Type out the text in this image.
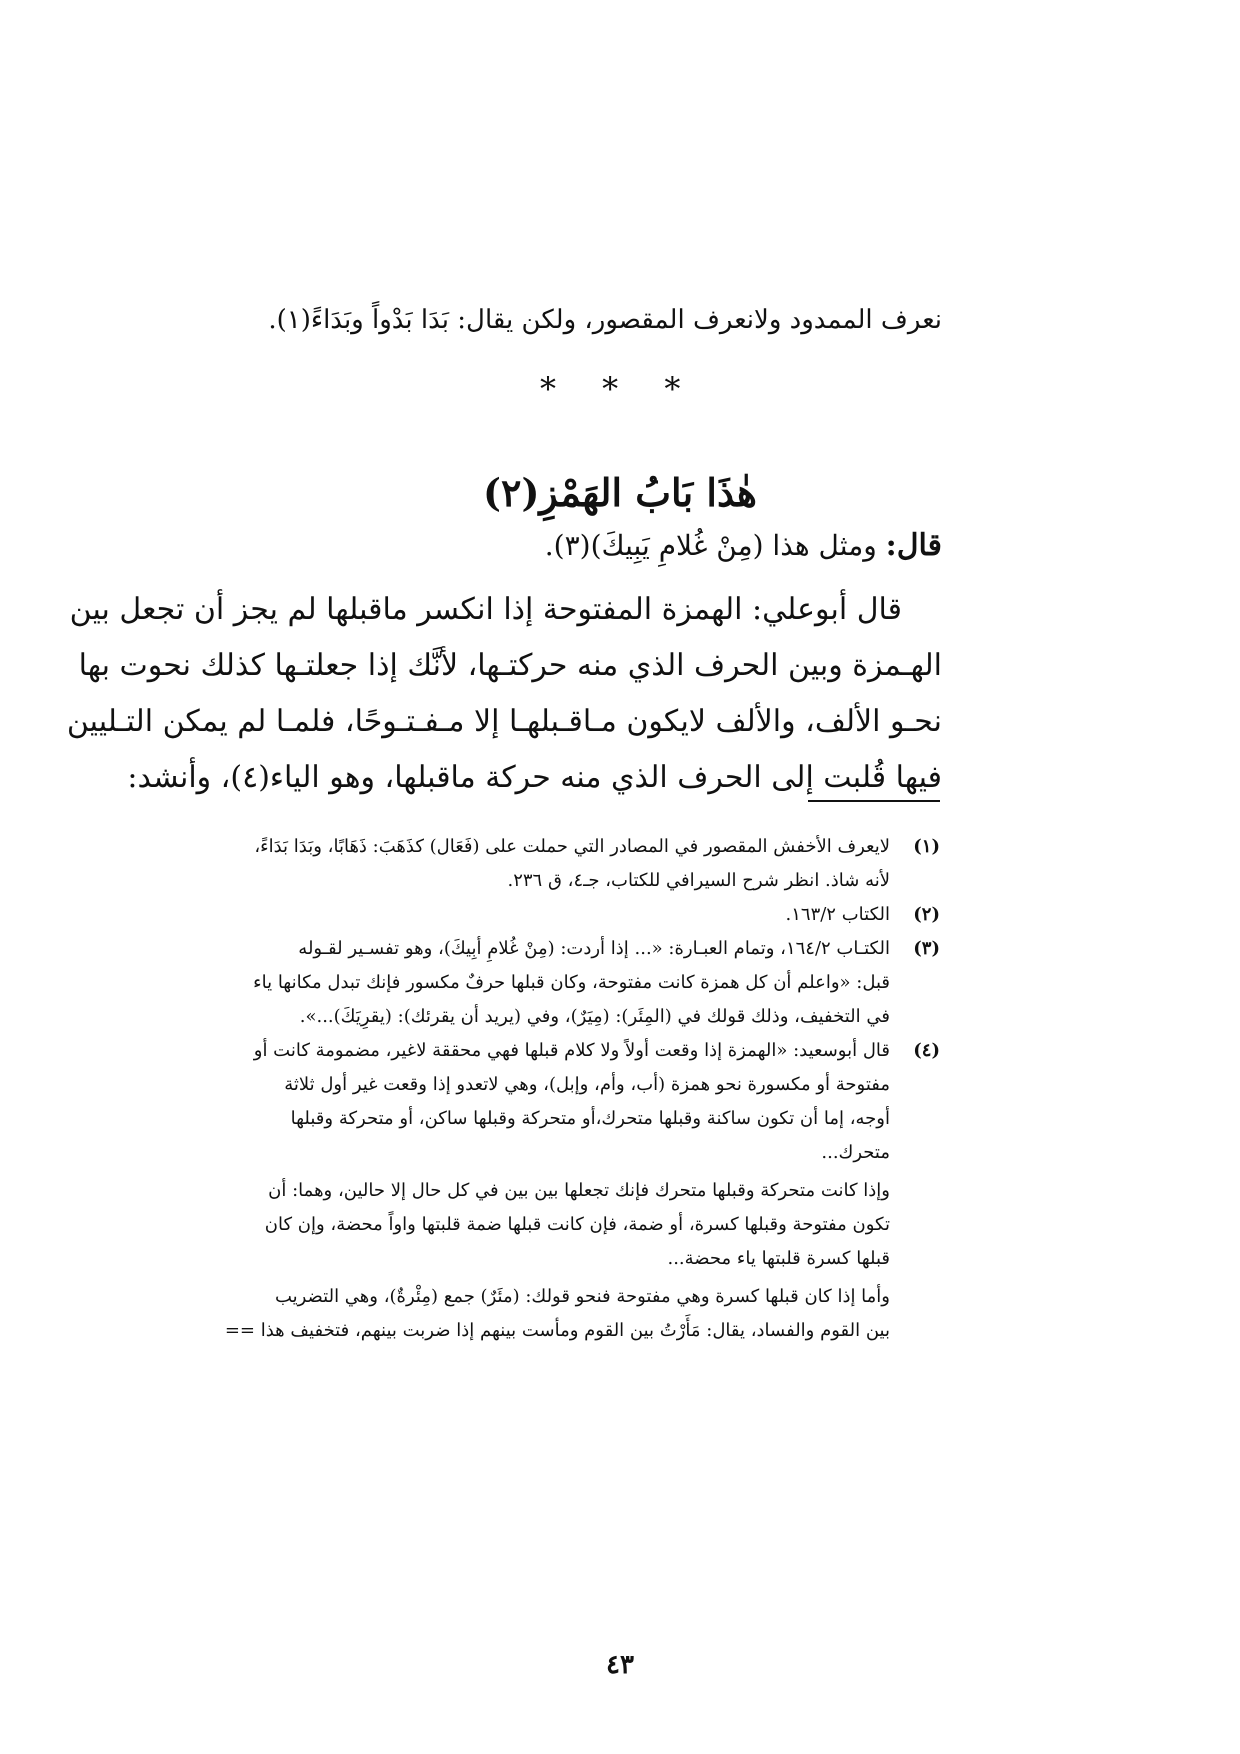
نعرف الممدود ولانعرف المقصور، ولكن يقال: بَدَا بَدْواً وبَدَاءً(١).
* * *
هٰذَا بَابُ الهَمْزِ(٢)
قال: ومثل هذا (مِنْ غُلامِ يَبِيكَ)(٣).
قال أبوعلي: الهمزة المفتوحة إذا انكسر ماقبلها لم يجز أن تجعل بين
الهـمزة وبين الحرف الذي منه حركتـها، لأنَّك إذا جعلتـها كذلك نحوت بها
نحـو الألف، والألف لايكون مـاقـبلهـا إلا مـفـتـوحًا، فلمـا لم يمكن التـليين
فيها قُلبت إلى الحرف الذي منه حركة ماقبلها، وهو الياء(٤)، وأنشد:
(١)
لايعرف الأخفش المقصور في المصادر التي حملت على (فَعَال) كذَهَبَ: ذَهَابًا، وبَدَا بَدَاءً،
لأنه شاذ. انظر شرح السيرافي للكتاب، جـ٤، ق ٢٣٦.
(٢)
الكتاب ١٦٣/٢.
(٣)
الكتـاب ١٦٤/٢، وتمام العبـارة: «... إذا أردت: (مِنْ غُلامِ أبِيكَ)، وهو تفسـير لقـوله
قبل: «واعلم أن كل همزة كانت مفتوحة، وكان قبلها حرفٌ مكسور فإنك تبدل مكانها ياء
في التخفيف، وذلك قولك في (المِئَر): (مِيَرٌ)، وفي (يريد أن يقرئك): (يقرِيَكَ)...».
(٤)
قال أبوسعيد: «الهمزة إذا وقعت أولاً ولا كلام قبلها فهي محققة لاغير، مضمومة كانت أو
مفتوحة أو مكسورة نحو همزة (أب، وأم، وإبل)، وهي لاتعدو إذا وقعت غير أول ثلاثة
أوجه، إما أن تكون ساكنة وقبلها متحرك،أو متحركة وقبلها ساكن، أو متحركة وقبلها
متحرك...
وإذا كانت متحركة وقبلها متحرك فإنك تجعلها بين بين في كل حال إلا حالين، وهما: أن
تكون مفتوحة وقبلها كسرة، أو ضمة، فإن كانت قبلها ضمة قلبتها واواً محضة، وإن كان
قبلها كسرة قلبتها ياء محضة...
وأما إذا كان قبلها كسرة وهي مفتوحة فنحو قولك: (مئَرٌ) جمع (مِئْرةٌ)، وهي التضريب
بين القوم والفساد، يقال: مَأَرْتُ بين القوم ومأست بينهم إذا ضربت بينهم، فتخفيف هذا ==
٤٣
